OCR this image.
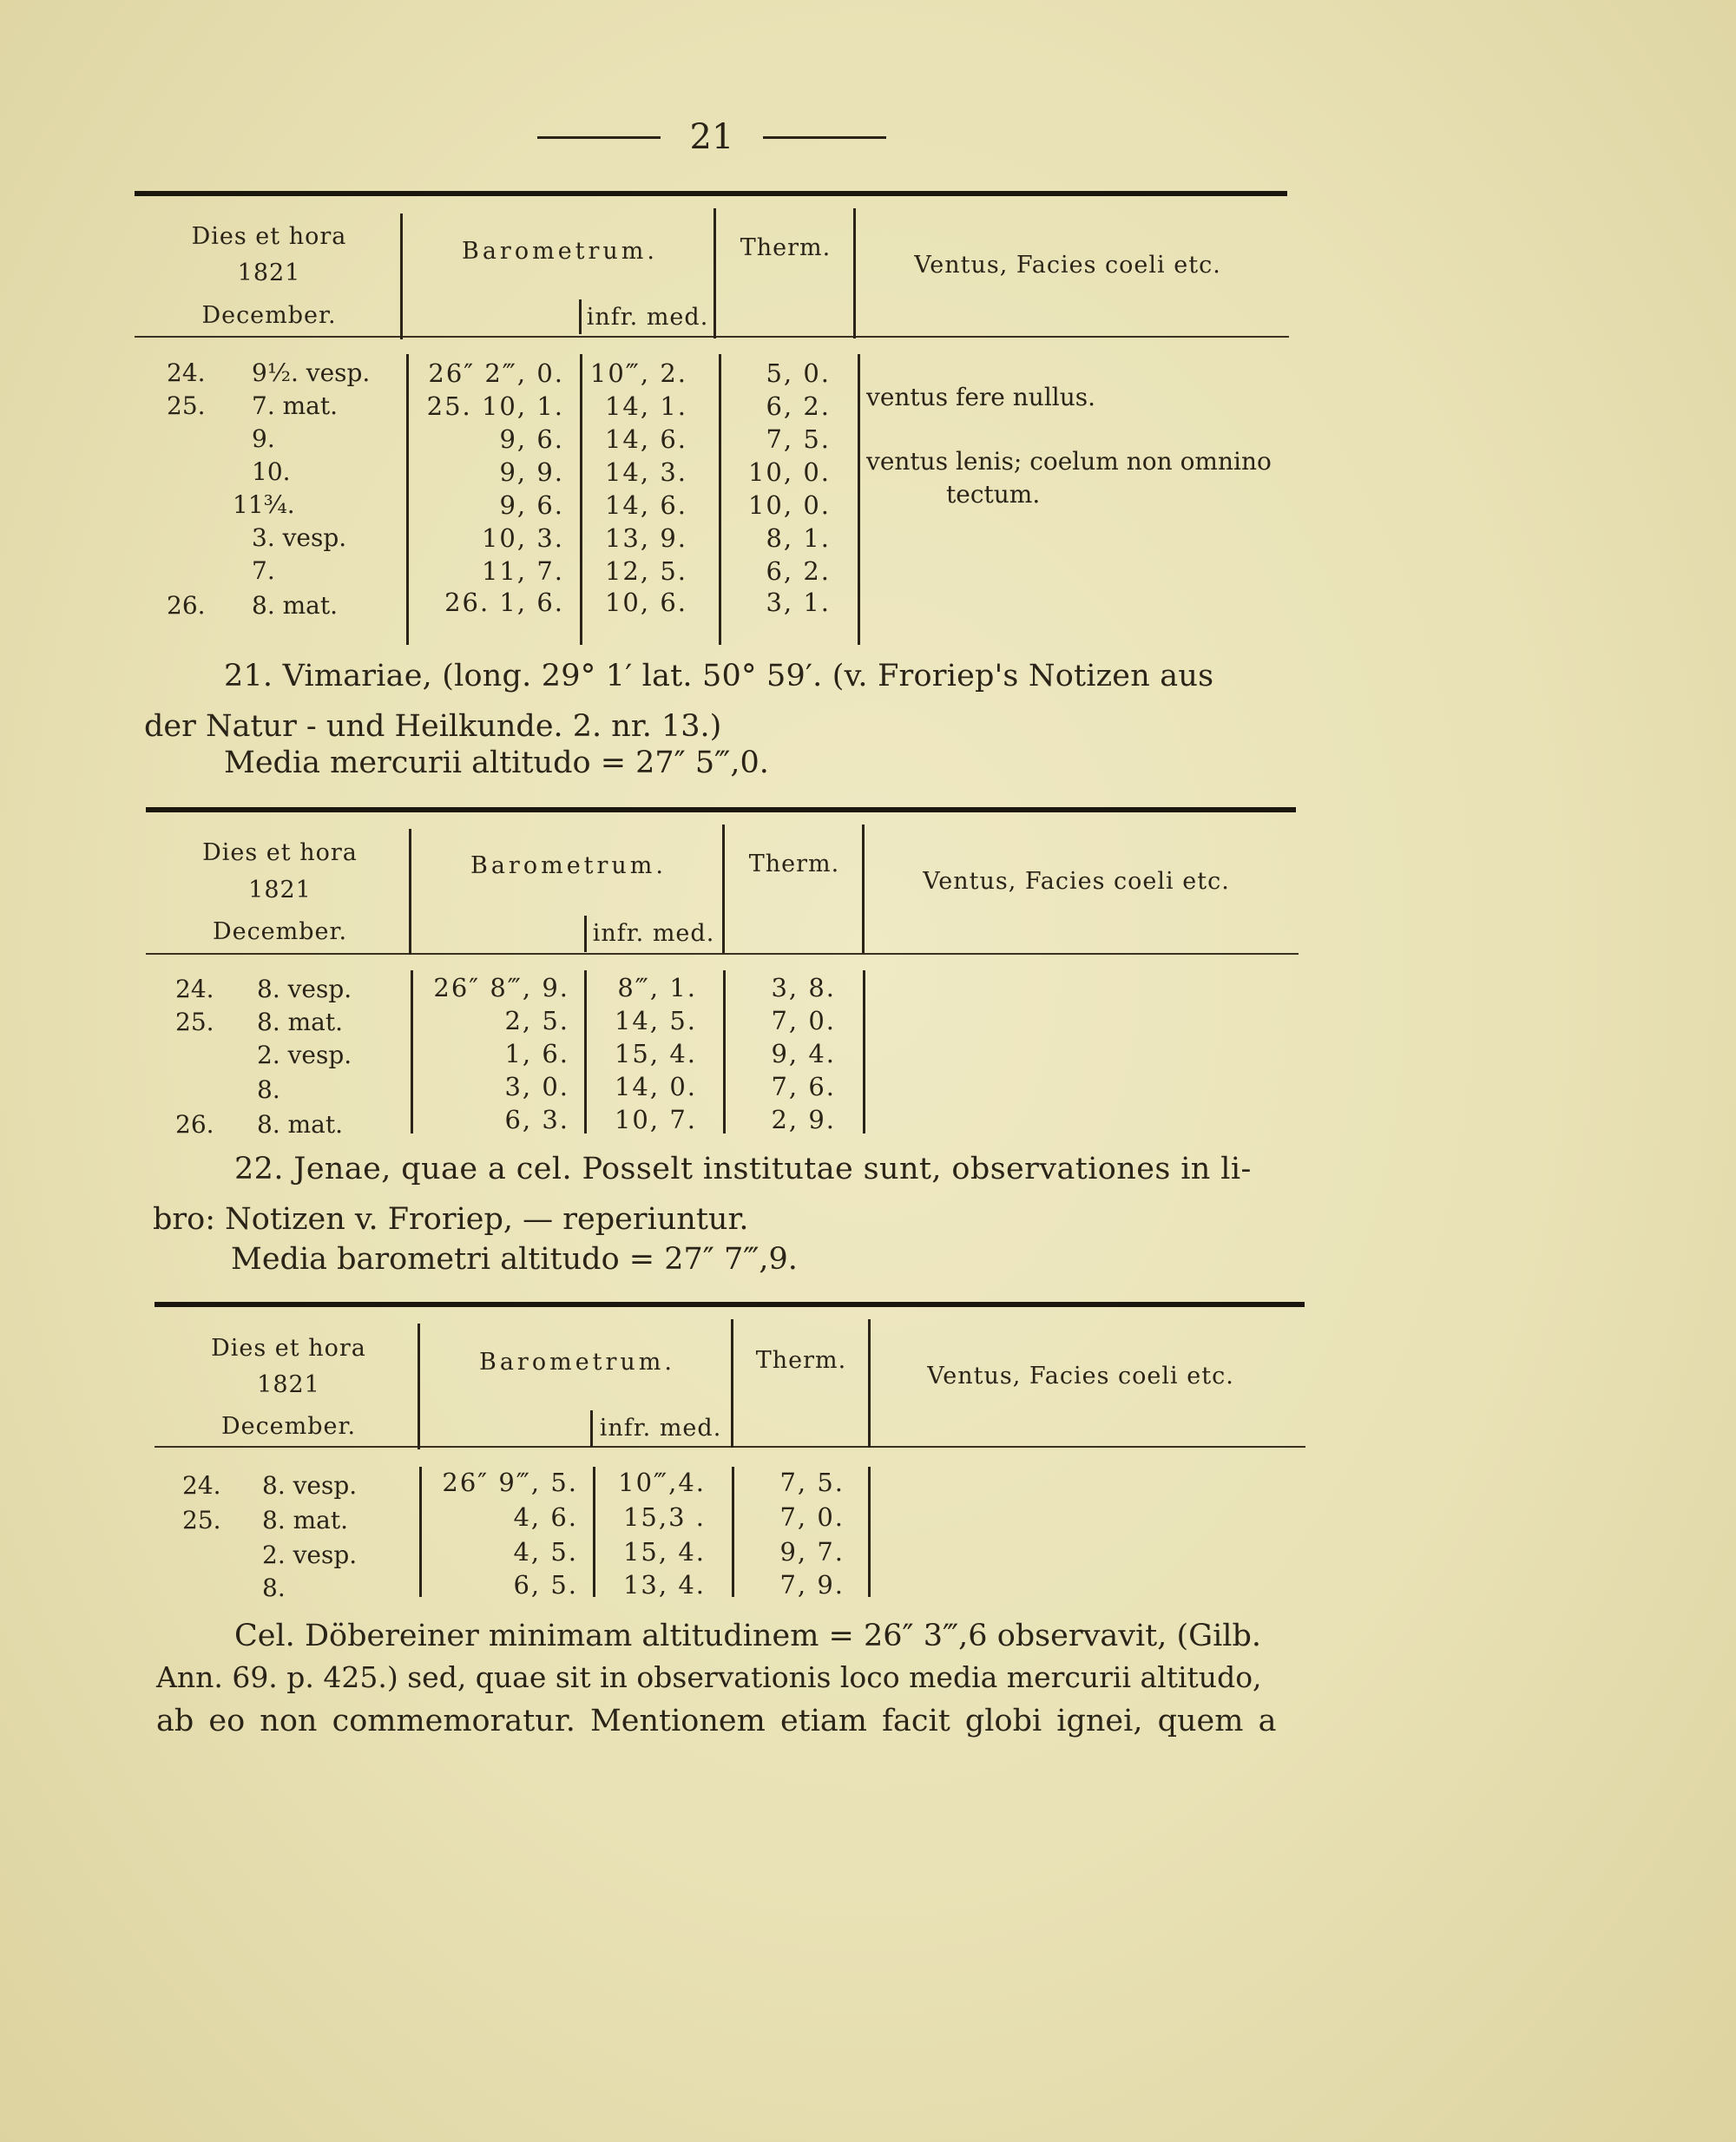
21
Dies et hora
1821
December.
Barometrum.
infr. med.
Therm.
Ventus, Facies coeli etc.
24. 9½. vesp.	26″ 2‴, 0. 10‴, 2.	5, 0.
25. 7. mat.	25. 10, 1.	14, 1.	6, 2. ventus fere nullus.
9.	9, 6.	14, 6.	7, 5.
10.	9, 9.	14, 3.	10, 0. ventus lenis; coelum non omnino
11¾.	9, 6.	14, 6.	10, 0.	tectum.
3. vesp.	10, 3.	13, 9.	8, 1.
7.	11, 7.	12, 5.	6, 2.
26. 8. mat.	26. 1, 6.	10, 6.	3, 1.
21. Vimariae, (long. 29° 1′ lat. 50° 59′. (v. Froriep's Notizen aus
der Natur - und Heilkunde. 2. nr. 13.)
Media mercurii altitudo = 27″ 5‴,0.
Dies et hora
1821
December.
Barometrum.
infr. med.
Therm.
Ventus, Facies coeli etc.
24. 8. vesp.	26″ 8‴, 9.	8‴, 1.	3, 8.
25. 8. mat.	2, 5.	14, 5.	7, 0.
2. vesp.	1, 6.	15, 4.	9, 4.
8.	3, 0.	14, 0.	7, 6.
26. 8. mat.	6, 3.	10, 7.	2, 9.
22. Jenae, quae a cel. Posselt institutae sunt, observationes in li-
bro: Notizen v. Froriep, — reperiuntur.
Media barometri altitudo = 27″ 7‴,9.
Dies et hora
1821
December.
Barometrum.
infr. med.
Therm.
Ventus, Facies coeli etc.
24. 8. vesp.	26″ 9‴, 5.	10‴,4.	7, 5.
25. 8. mat.	4, 6.	15,3 .	7, 0.
2. vesp.	4, 5.	15, 4.	9, 7.
8.	6, 5.	13, 4.	7, 9.
Cel. Döbereiner minimam altitudinem = 26″ 3‴,6 observavit, (Gilb.
Ann. 69. p. 425.) sed, quae sit in observationis loco media mercurii altitudo,
ab eo non commemoratur. Mentionem etiam facit globi ignei, quem a
